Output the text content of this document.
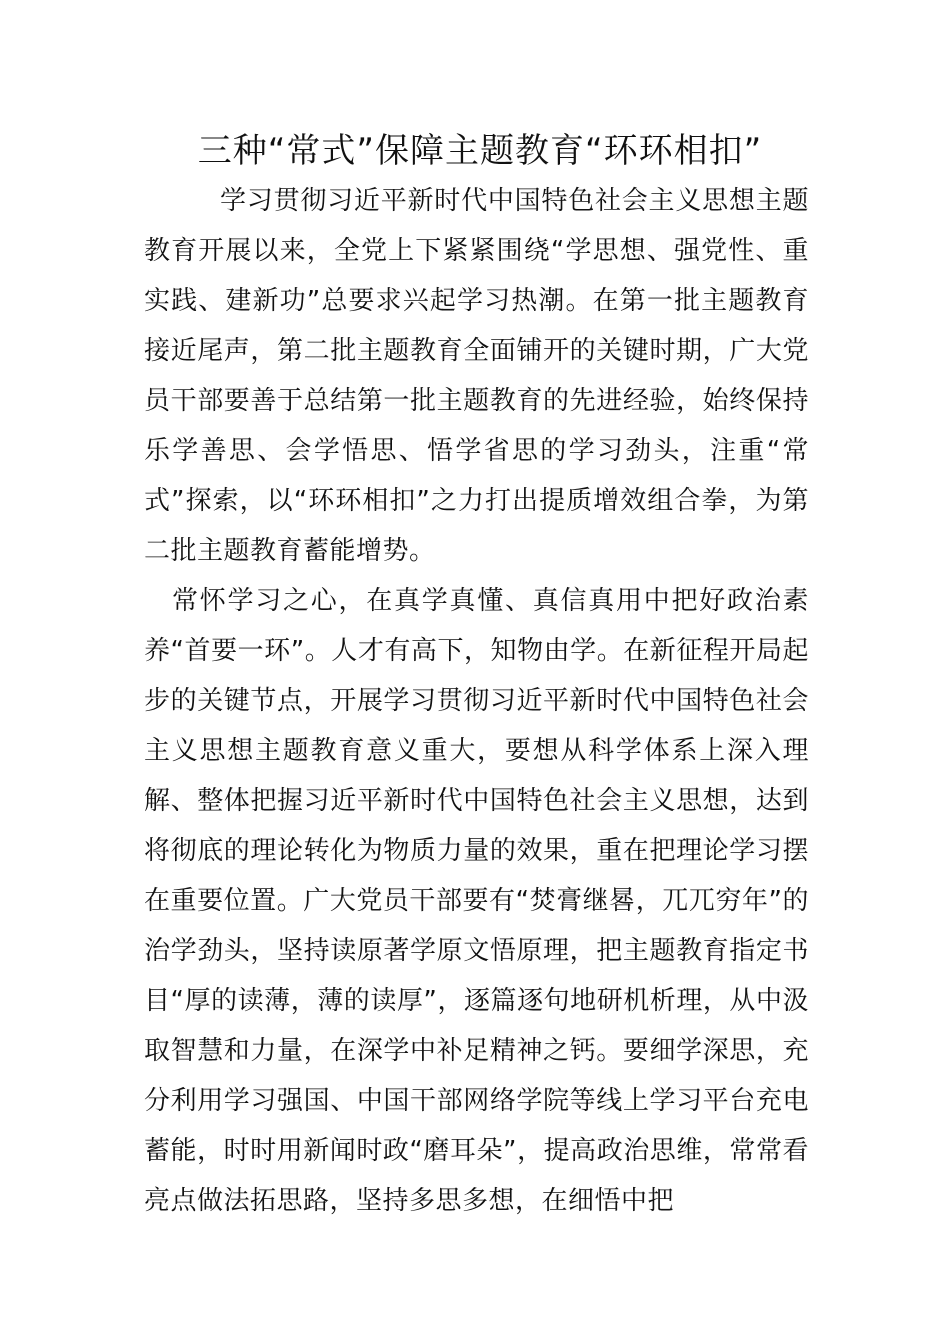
三种“常式”保障主题教育“环环相扣”

学习贯彻习近平新时代中国特色社会主义思想主题教育开展以来，全党上下紧紧围绕“学思想、强党性、重实践、建新功”总要求兴起学习热潮。在第一批主题教育接近尾声，第二批主题教育全面铺开的关键时期，广大党员干部要善于总结第一批主题教育的先进经验，始终保持乐学善思、会学悟思、悟学省思的学习劲头，注重“常式”探索，以“环环相扣”之力打出提质增效组合拳，为第二批主题教育蓄能增势。

常怀学习之心，在真学真懂、真信真用中把好政治素养“首要一环”。人才有高下，知物由学。在新征程开局起步的关键节点，开展学习贯彻习近平新时代中国特色社会主义思想主题教育意义重大，要想从科学体系上深入理解、整体把握习近平新时代中国特色社会主义思想，达到将彻底的理论转化为物质力量的效果，重在把理论学习摆在重要位置。广大党员干部要有“焚膏继晷，兀兀穷年”的治学劲头，坚持读原著学原文悟原理，把主题教育指定书目“厚的读薄，薄的读厚”，逐篇逐句地研机析理，从中汲取智慧和力量，在深学中补足精神之钙。要细学深思，充分利用学习强国、中国干部网络学院等线上学习平台充电蓄能，时时用新闻时政“磨耳朵”，提高政治思维，常常看亮点做法拓思路，坚持多思多想，在细悟中把
